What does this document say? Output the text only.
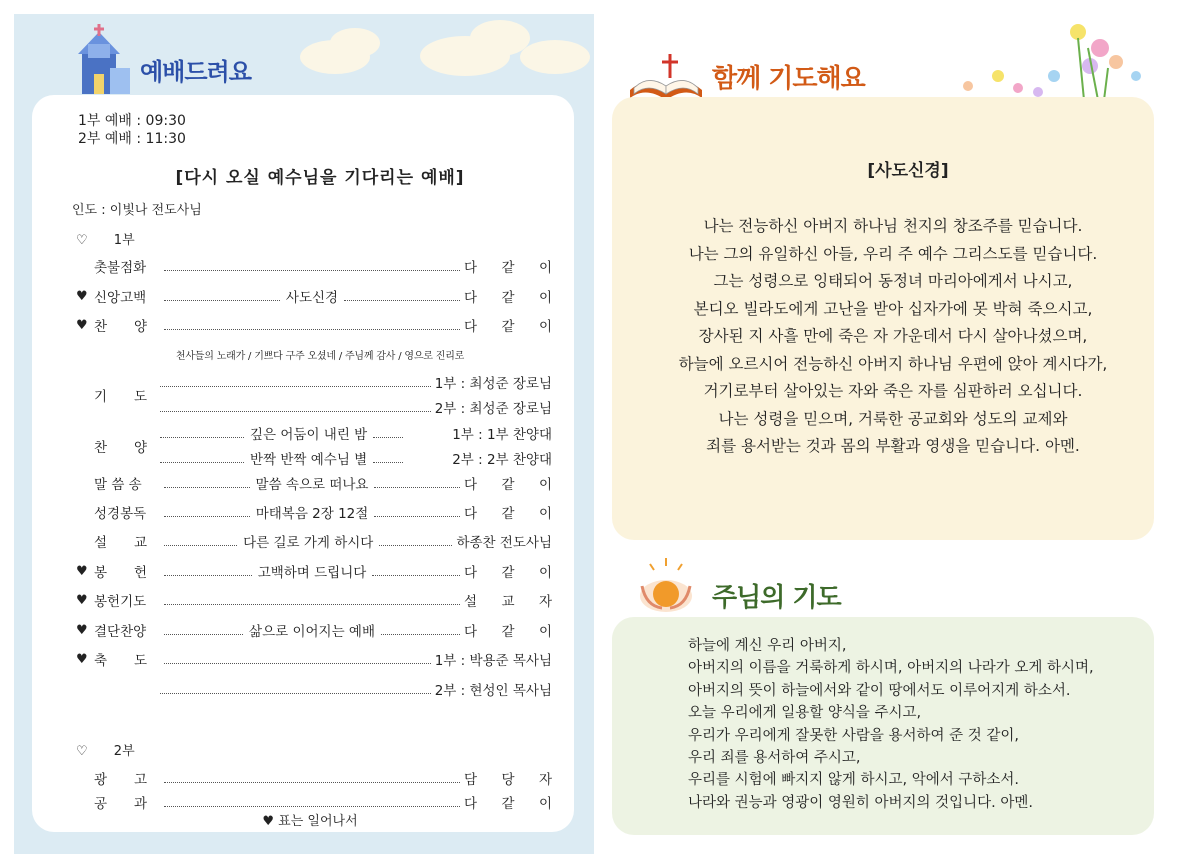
예배드려요
1부 예배 : 09:30
2부 예배 : 11:30
[다시 오실 예수님을 기다리는 예배]
인도 : 이빛나 전도사님
♡ 1부
촛불점화	다 같 이
♥ 신앙고백	사도신경	다 같 이
♥ 찬　　양	다 같 이
천사들의 노래가 / 기쁘다 구주 오셨네 / 주님께 감사 / 영으로 진리로
기　　도
1부 : 최성준 장로님
2부 : 최성준 장로님
찬　　양
깊은 어둠이 내린 밤	1부 : 1부 찬양대
반짝 반짝 예수님 별	2부 : 2부 찬양대
말 씀 송	말씀 속으로 떠나요	다 같 이
성경봉독	마태복음 2장 12절	다 같 이
설　　교	다른 길로 가게 하시다	하종찬 전도사님
♥ 봉　　헌	고백하며 드립니다	다 같 이
♥ 봉헌기도	설 교 자
♥ 결단찬양	삶으로 이어지는 예배	다 같 이
♥ 축　　도	1부 : 박용준 목사님
2부 : 현성인 목사님
♡ 2부
광　　고	담 당 자
공　　과	다 같 이
♥ 표는 일어나서
함께 기도해요
[사도신경]
나는 전능하신 아버지 하나님 천지의 창조주를 믿습니다.
나는 그의 유일하신 아들, 우리 주 예수 그리스도를 믿습니다.
그는 성령으로 잉태되어 동정녀 마리아에게서 나시고,
본디오 빌라도에게 고난을 받아 십자가에 못 박혀 죽으시고,
장사된 지 사흘 만에 죽은 자 가운데서 다시 살아나셨으며,
하늘에 오르시어 전능하신 아버지 하나님 우편에 앉아 계시다가,
거기로부터 살아있는 자와 죽은 자를 심판하러 오십니다.
나는 성령을 믿으며, 거룩한 공교회와 성도의 교제와
죄를 용서받는 것과 몸의 부활과 영생을 믿습니다. 아멘.
주님의 기도
하늘에 계신 우리 아버지,
아버지의 이름을 거룩하게 하시며, 아버지의 나라가 오게 하시며,
아버지의 뜻이 하늘에서와 같이 땅에서도 이루어지게 하소서.
오늘 우리에게 일용할 양식을 주시고,
우리가 우리에게 잘못한 사람을 용서하여 준 것 같이,
우리 죄를 용서하여 주시고,
우리를 시험에 빠지지 않게 하시고, 악에서 구하소서.
나라와 권능과 영광이 영원히 아버지의 것입니다. 아멘.
